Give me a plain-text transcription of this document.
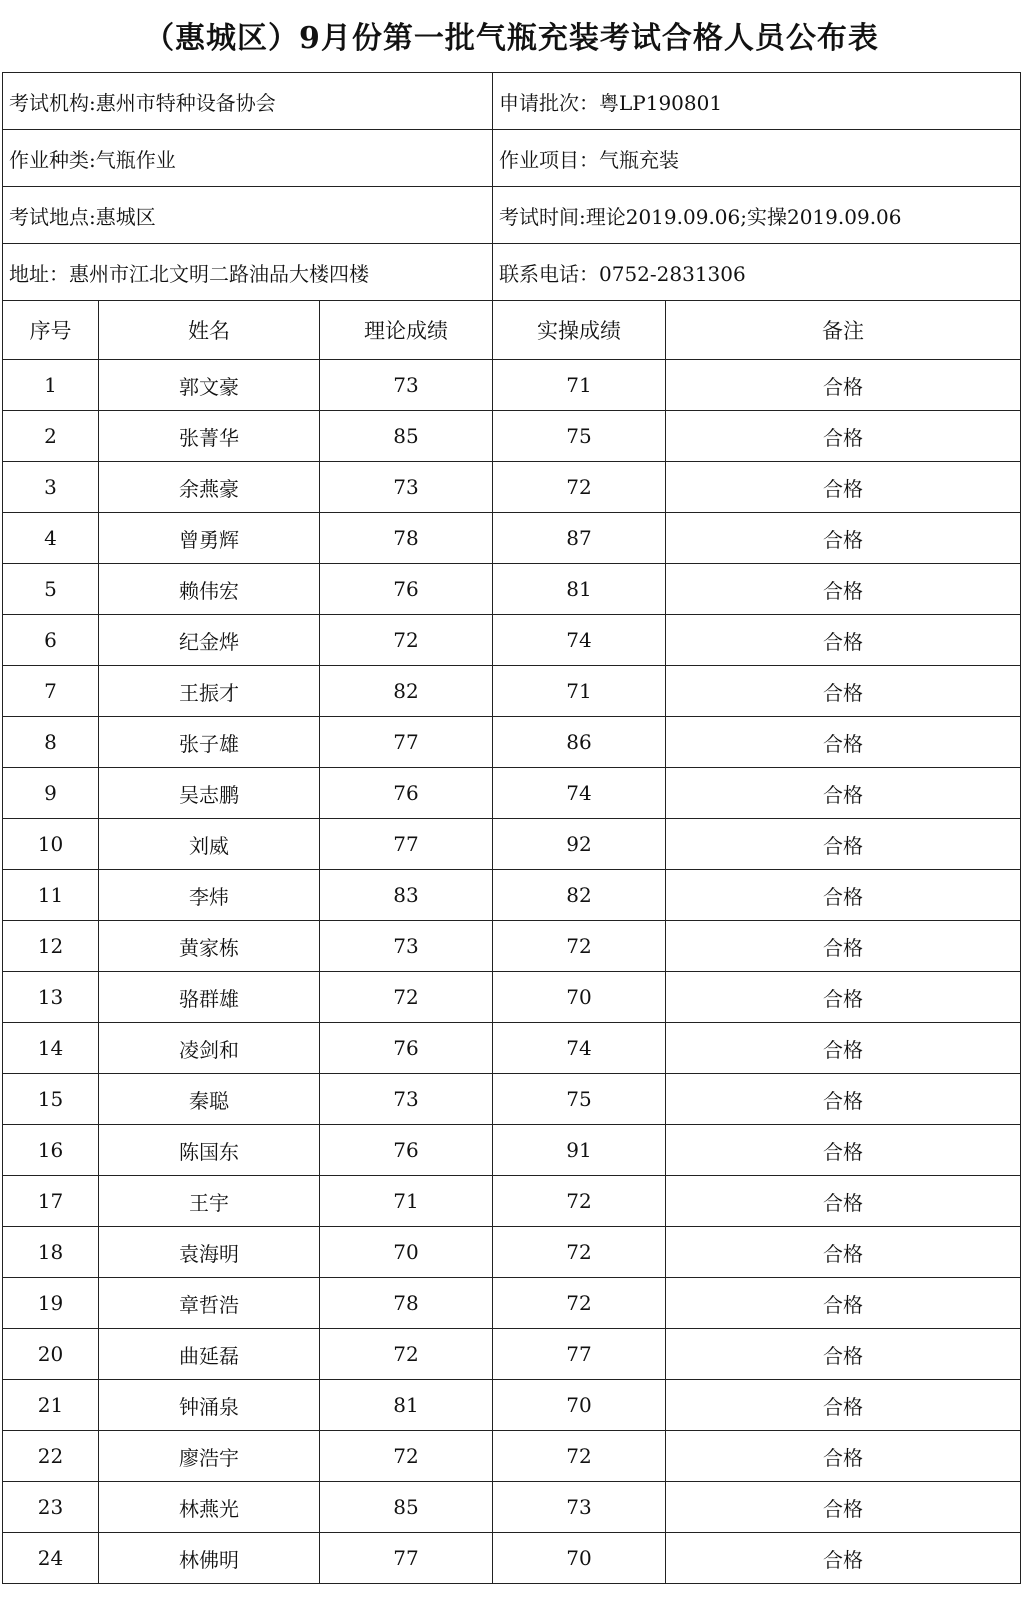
（惠城区）9月份第一批气瓶充装考试合格人员公布表
考试机构:惠州市特种设备协会			申请批次：粤LP190801	
作业种类:气瓶作业			作业项目：气瓶充装	
考试地点:惠城区			考试时间:理论2019.09.06;实操2019.09.06	
地址：惠州市江北文明二路油品大楼四楼			联系电话：0752-2831306	
序号	姓名	理论成绩	实操成绩	备注
1	郭文豪	73	71	合格
2	张菁华	85	75	合格
3	余燕豪	73	72	合格
4	曾勇辉	78	87	合格
5	赖伟宏	76	81	合格
6	纪金烨	72	74	合格
7	王振才	82	71	合格
8	张子雄	77	86	合格
9	吴志鹏	76	74	合格
10	刘威	77	92	合格
11	李炜	83	82	合格
12	黄家栋	73	72	合格
13	骆群雄	72	70	合格
14	凌剑和	76	74	合格
15	秦聪	73	75	合格
16	陈国东	76	91	合格
17	王宇	71	72	合格
18	袁海明	70	72	合格
19	章哲浩	78	72	合格
20	曲延磊	72	77	合格
21	钟涌泉	81	70	合格
22	廖浩宇	72	72	合格
23	林燕光	85	73	合格
24	林佛明	77	70	合格
